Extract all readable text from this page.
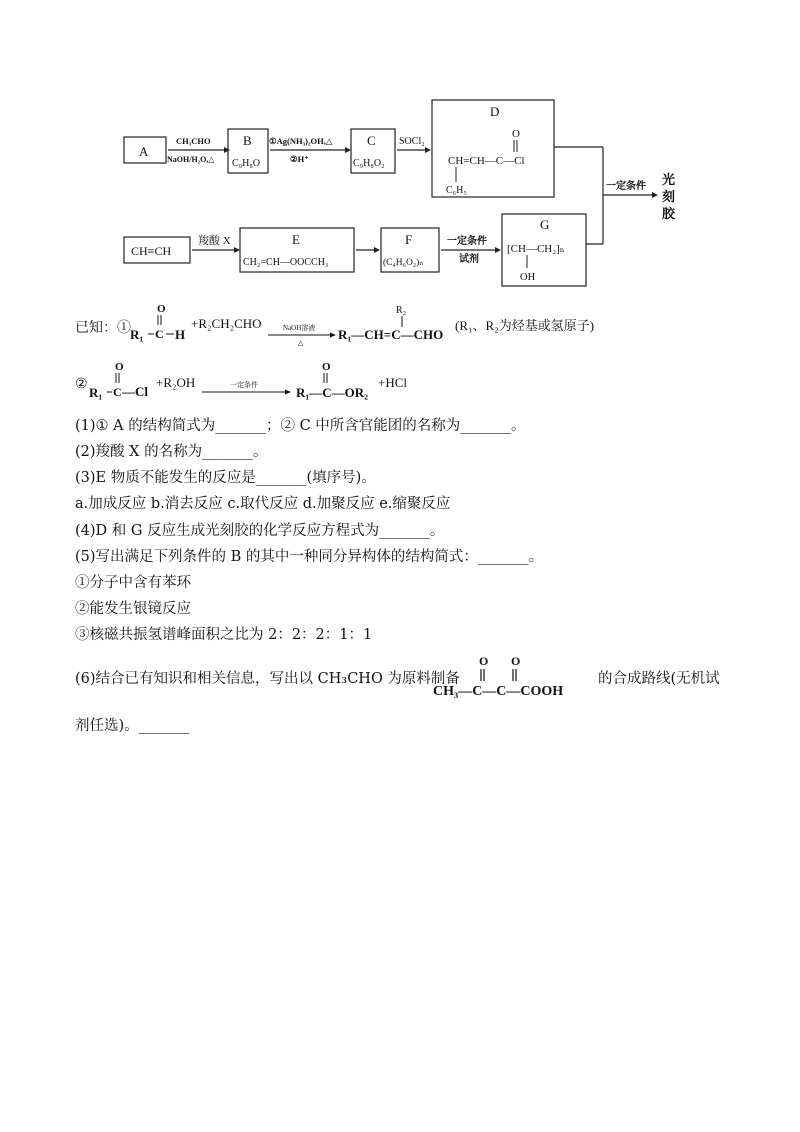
A
CH₃CHO
NaOH/H₂O,△
B
C₉H₈O
①Ag(NH₃)₂OH,△
②H⁺
C
C₉H₈O₂
SOCl₂
D
O
CH=CH—C—Cl
C₆H₅	一定条件 光
刻
胶
CH≡CH
羧酸 X	E
CH₂=CH—OOCCH₃
F
(C₄H₆O₂)ₙ
一定条件
试剂
G
[CH—CH₂]ₙ
OH
已知：①
O
R₁ C H
+R₂CH₂CHO	NaOH溶液
△
R₂
R₁—CH=C—CHO
(R₁、R₂为烃基或氢原子)
②
O
R₁ C —Cl
+R₂OH	一定条件
O
R₁—C—OR₂
+HCl
(1)① A 的结构简式为_______；② C 中所含官能团的名称为_______。
(2)羧酸 X 的名称为_______。
(3)E 物质不能发生的反应是_______(填序号)。
a.加成反应 b.消去反应 c.取代反应 d.加聚反应 e.缩聚反应
(4)D 和 G 反应生成光刻胶的化学反应方程式为_______。
(5)写出满足下列条件的 B 的其中一种同分异构体的结构简式：_______。
①分子中含有苯环
②能发生银镜反应
③核磁共振氢谱峰面积之比为 2：2：2：1：1
(6)结合已有知识和相关信息，写出以 CH₃CHO 为原料制备
O O
CH₃—C—C—COOH
的合成路线(无机试
剂任选)。_______
